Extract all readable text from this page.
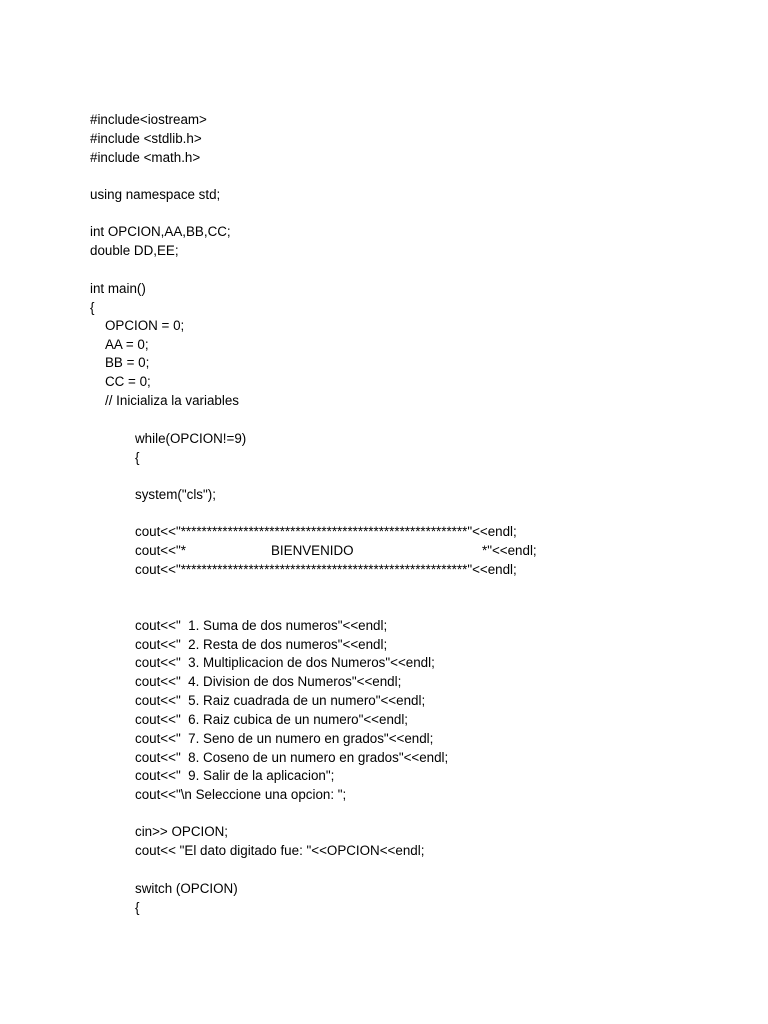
#include<iostream>
#include <stdlib.h>
#include <math.h>
using namespace std;
int OPCION,AA,BB,CC;
double DD,EE;
int main()
{
OPCION = 0;
AA = 0;
BB = 0;
CC = 0;
// Inicializa la variables
while(OPCION!=9)
{
system("cls");
cout<<"*******************************************************"<<endl;

cout<<"*

	BIENVENIDO

	*"<<endl;

cout<<"*******************************************************"<<endl;
cout<<"  1. Suma de dos numeros"<<endl;
cout<<"  2. Resta de dos numeros"<<endl;
cout<<"  3. Multiplicacion de dos Numeros"<<endl;
cout<<"  4. Division de dos Numeros"<<endl;
cout<<"  5. Raiz cuadrada de un numero"<<endl;
cout<<"  6. Raiz cubica de un numero"<<endl;
cout<<"  7. Seno de un numero en grados"<<endl;
cout<<"  8. Coseno de un numero en grados"<<endl;
cout<<"  9. Salir de la aplicacion";
cout<<"\n Seleccione una opcion: ";
cin>> OPCION;
cout<< "El dato digitado fue: "<<OPCION<<endl;
switch (OPCION)
{
